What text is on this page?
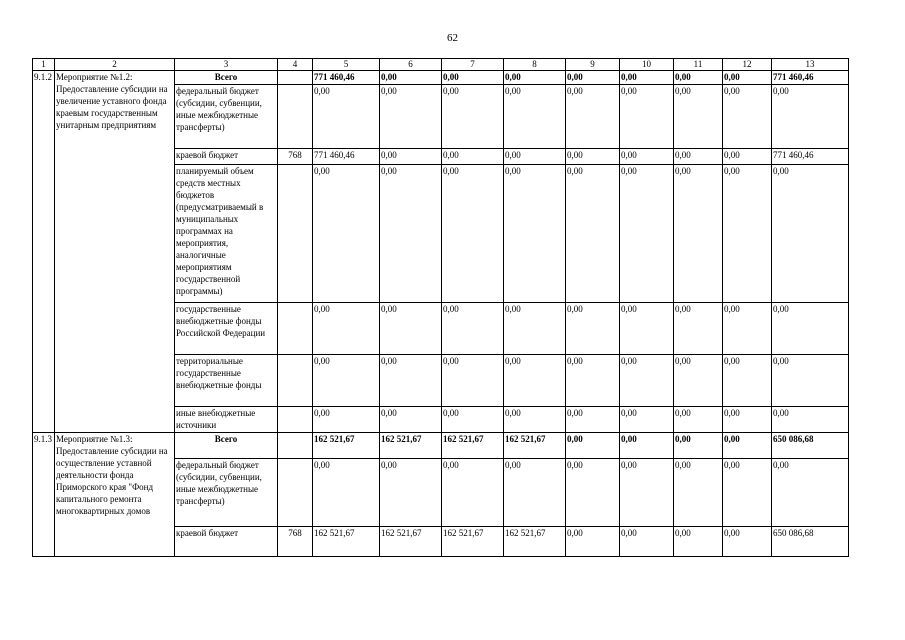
62
1	2	3	4	5	6	7	8	9	10	11	12	13
9.1.2	Мероприятие №1.2: Предоставление субсидии на увеличение уставного фонда краевым государственным унитарным предприятиям	Всего		771 460,46	0,00	0,00	0,00	0,00	0,00	0,00	0,00	771 460,46
		федеральный бюджет (субсидии, субвенции, иные межбюджетные трансферты)		0,00	0,00	0,00	0,00	0,00	0,00	0,00	0,00	0,00
		краевой бюджет	768	771 460,46	0,00	0,00	0,00	0,00	0,00	0,00	0,00	771 460,46
		планируемый объем средств местных бюджетов (предусматриваемый в муниципальных программах на мероприятия, аналогичные мероприятиям государственной программы)		0,00	0,00	0,00	0,00	0,00	0,00	0,00	0,00	0,00
		государственные внебюджетные фонды Российской Федерации		0,00	0,00	0,00	0,00	0,00	0,00	0,00	0,00	0,00
		территориальные государственные внебюджетные фонды		0,00	0,00	0,00	0,00	0,00	0,00	0,00	0,00	0,00
		иные внебюджетные источники		0,00	0,00	0,00	0,00	0,00	0,00	0,00	0,00	0,00
9.1.3	Мероприятие №1.3: Предоставление субсидии на осуществление уставной деятельности фонда Приморского края "Фонд капитального ремонта многоквартирных домов	Всего		162 521,67	162 521,67	162 521,67	162 521,67	0,00	0,00	0,00	0,00	650 086,68
		федеральный бюджет (субсидии, субвенции, иные межбюджетные трансферты)		0,00	0,00	0,00	0,00	0,00	0,00	0,00	0,00	0,00
		краевой бюджет	768	162 521,67	162 521,67	162 521,67	162 521,67	0,00	0,00	0,00	0,00	650 086,68
